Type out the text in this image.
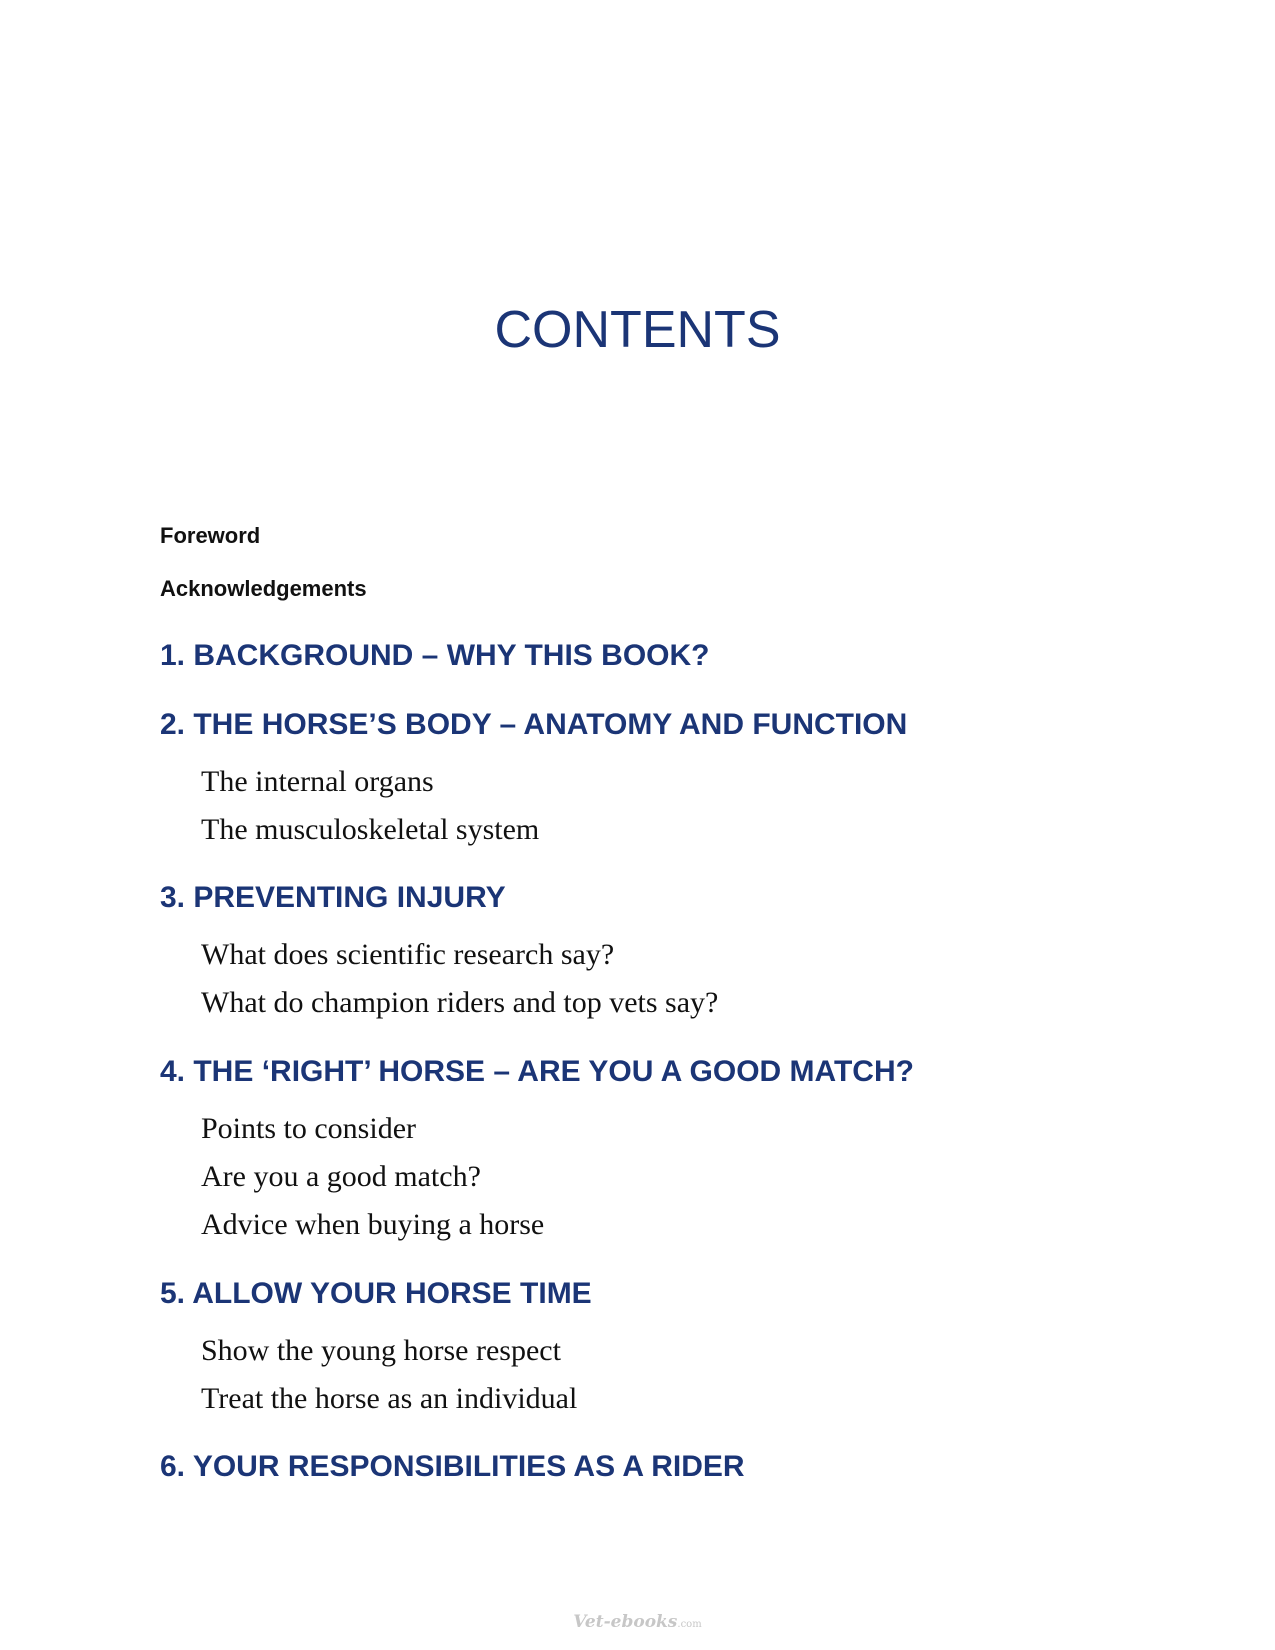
CONTENTS
Foreword
Acknowledgements
1. BACKGROUND – WHY THIS BOOK?
2. THE HORSE’S BODY – ANATOMY AND FUNCTION
The internal organs
The musculoskeletal system
3. PREVENTING INJURY
What does scientific research say?
What do champion riders and top vets say?
4. THE ‘RIGHT’ HORSE – ARE YOU A GOOD MATCH?
Points to consider
Are you a good match?
Advice when buying a horse
5. ALLOW YOUR HORSE TIME
Show the young horse respect
Treat the horse as an individual
6. YOUR RESPONSIBILITIES AS A RIDER
Vet-ebooks.com
